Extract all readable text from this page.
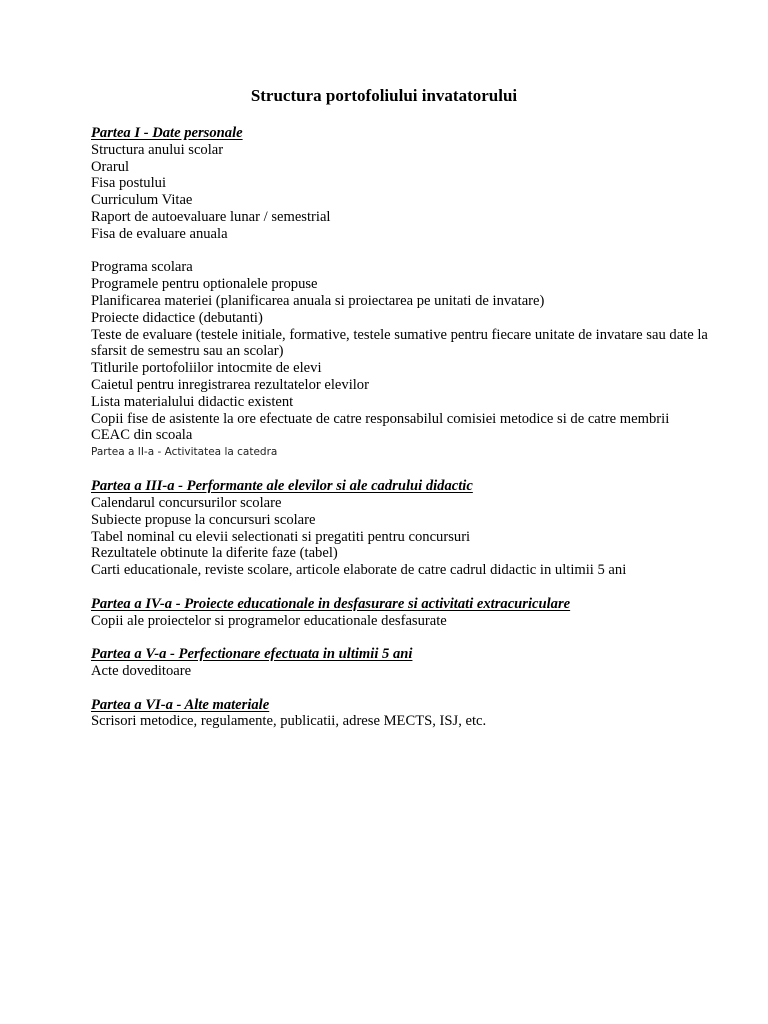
Structura portofoliului invatatorului
Partea I - Date personale
Structura anului scolar
Orarul
Fisa postului
Curriculum Vitae
Raport de autoevaluare lunar / semestrial
Fisa de evaluare anuala
Programa scolara
Programele pentru optionalele propuse
Planificarea materiei (planificarea anuala si proiectarea pe unitati de invatare)
Proiecte didactice (debutanti)
Teste de evaluare (testele initiale, formative, testele sumative pentru fiecare unitate de invatare sau date la sfarsit de semestru sau an scolar)
Titlurile portofoliilor intocmite de elevi
Caietul pentru inregistrarea rezultatelor elevilor
Lista materialului didactic existent
Copii fise de asistente la ore efectuate de catre responsabilul comisiei metodice si de catre membrii CEAC din scoala
Partea a II-a - Activitatea la catedra
Partea a III-a - Performante ale elevilor si ale cadrului didactic
Calendarul concursurilor scolare
Subiecte propuse la concursuri scolare
Tabel nominal cu elevii selectionati si pregatiti pentru concursuri
Rezultatele obtinute la diferite faze (tabel)
Carti educationale, reviste scolare, articole elaborate de catre cadrul didactic in ultimii 5 ani
Partea a IV-a - Proiecte educationale in desfasurare si activitati extracuriculare
Copii ale proiectelor si programelor educationale desfasurate
Partea a V-a - Perfectionare efectuata in ultimii 5 ani
Acte doveditoare
Partea a VI-a - Alte materiale
Scrisori metodice, regulamente, publicatii, adrese MECTS, ISJ, etc.
